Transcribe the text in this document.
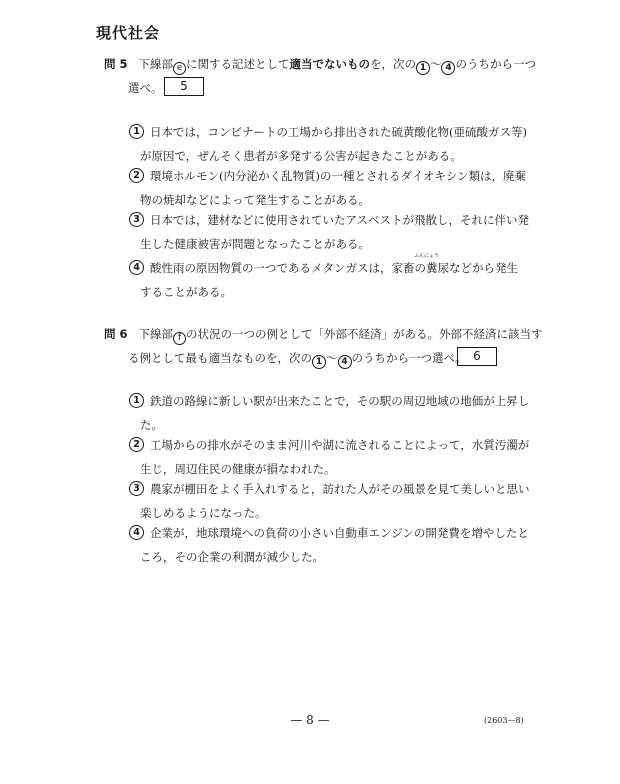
現代社会
問 5 下線部 e に関する記述として適当でないものを，次の 1 〜 4 のうちから一つ
選べ。	5
1 日本では，コンビナートの工場から排出された硫黄酸化物(亜硫酸ガス等)
が原因で，ぜんそく患者が多発する公害が起きたことがある。
2 環境ホルモン(内分泌かく乱物質)の一種とされるダイオキシン類は，廃棄
物の焼却などによって発生することがある。
3 日本では，建材などに使用されていたアスベストが飛散し，それに伴い発
生した健康被害が問題となったことがある。
ふんにょう
4 酸性雨の原因物質の一つであるメタンガスは，家畜の糞尿などから発生
することがある。
問 6 下線部 f の状況の一つの例として「外部不経済」がある。外部不経済に該当す
る例として最も適当なものを，次の 1 〜 4 のうちから一つ選べ。 6
1 鉄道の路線に新しい駅が出来たことで，その駅の周辺地域の地価が上昇し
た。
2 工場からの排水がそのまま河川や湖に流されることによって，水質汚濁が
生じ，周辺住民の健康が損なわれた。
3 農家が棚田をよく手入れすると，訪れた人がその風景を見て美しいと思い
楽しめるようになった。
4 企業が，地球環境への負荷の小さい自動車エンジンの開発費を増やしたと
ころ，その企業の利潤が減少した。
— 8 —	(2603—8)
